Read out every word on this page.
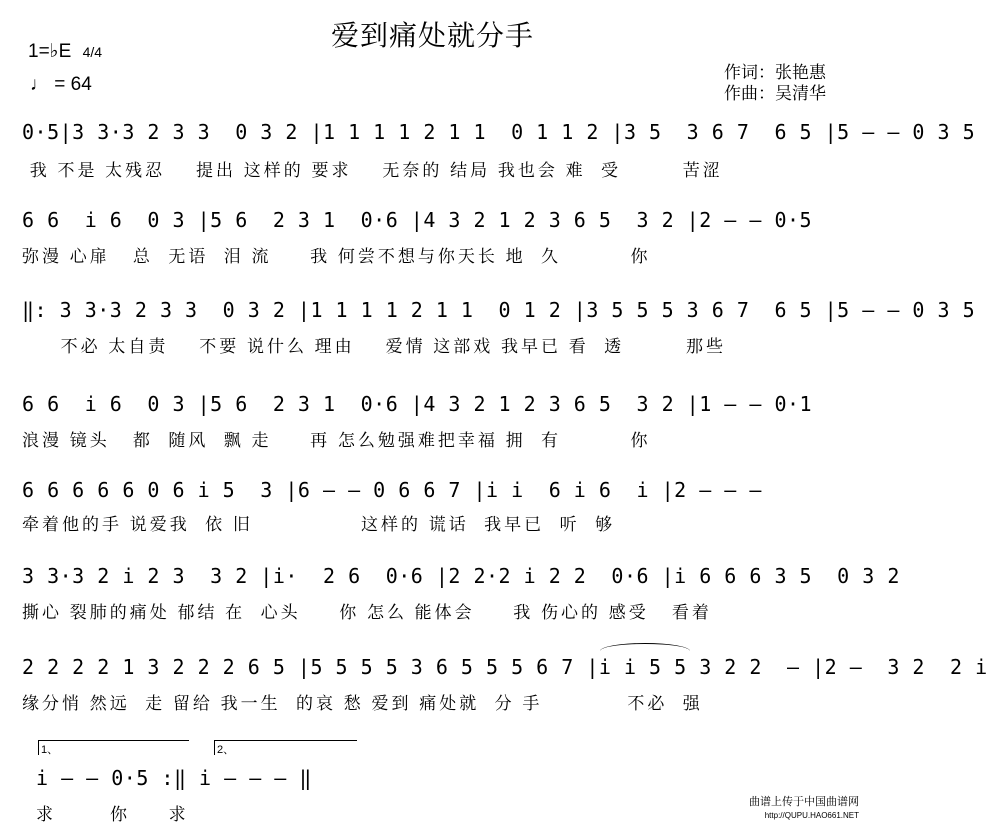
爱到痛处就分手
1=♭E 4/4
♩ = 64
作词：张艳惠
作曲：吴清华
0·5|3 3·3 2 3 3  0 3 2 |1 1 1 1 2 1 1  0 1 1 2 |3 5  3 6 7  6 5 |5 — — 0 3 5
我 不是 太残忍    提出 这样的 要求    无奈的 结局 我也会 难  受        苦涩
6 6  i 6  0 3 |5 6  2 3 1  0·6 |4 3 2 1 2 3 6 5  3 2 |2 — — 0·5
弥漫 心扉   总  无语  泪 流     我 何尝不想与你天长 地  久         你
‖: 3 3·3 2 3 3  0 3 2 |1 1 1 1 2 1 1  0 1 2 |3 5 5 5 3 6 7  6 5 |5 — — 0 3 5
不必 太自责    不要 说什么 理由    爱情 这部戏 我早已 看  透        那些
6 6  i 6  0 3 |5 6  2 3 1  0·6 |4 3 2 1 2 3 6 5  3 2 |1 — — 0·1
浪漫 镜头   都  随风  飘 走     再 怎么勉强难把幸福 拥  有         你
6 6 6 6 6 0 6 i 5  3 |6 — — 0 6 6 7 |i i  6 i 6  i |2 — — —
牵着他的手 说爱我  依 旧              这样的 谎话  我早已  听  够
3 3·3 2 i 2 3  3 2 |i·  2 6  0·6 |2 2·2 i 2 2  0·6 |i 6 6 6 3 5  0 3 2
撕心 裂肺的痛处 郁结 在  心头     你 怎么 能体会     我 伤心的 感受   看着
2 2 2 2 1 3 2 2 2 6 5 |5 5 5 5 3 6 5 5 5 6 7 |i i 5 5 3 2 2  — |2 —  3 2  2 i
缘分悄 然远  走 留给 我一生  的哀 愁 爱到 痛处就  分 手           不必  强
1、	2、
i — — 0·5 :‖ i — — — ‖
求       你     求
曲谱上传于中国曲谱网
http://QUPU.HAO661.NET
